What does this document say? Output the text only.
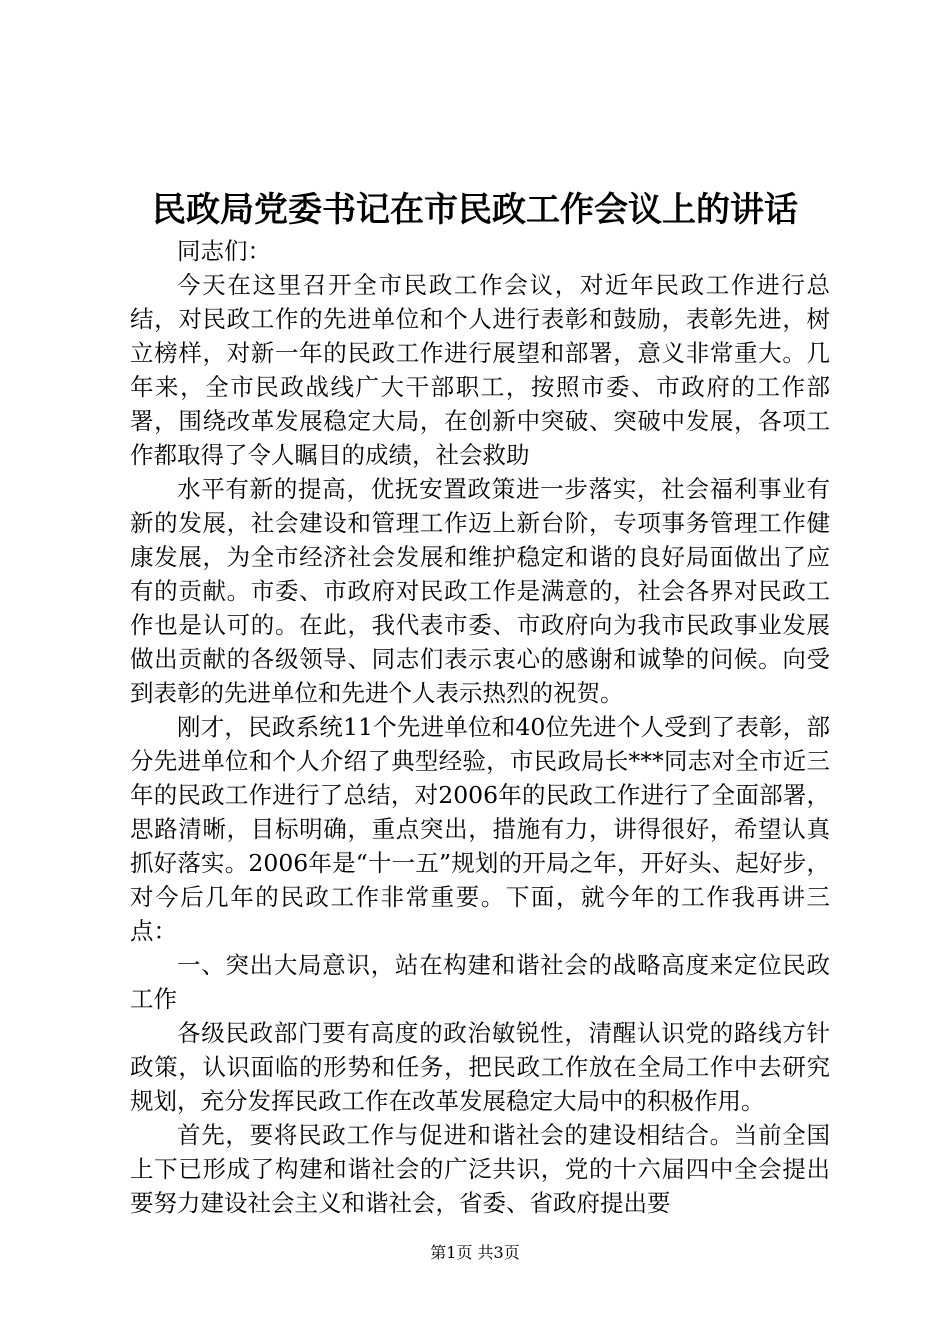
民政局党委书记在市民政工作会议上的讲话

同志们：

今天在这里召开全市民政工作会议，对近年民政工作进行总结，对民政工作的先进单位和个人进行表彰和鼓励，表彰先进，树立榜样，对新一年的民政工作进行展望和部署，意义非常重大。几年来，全市民政战线广大干部职工，按照市委、市政府的工作部署，围绕改革发展稳定大局，在创新中突破、突破中发展，各项工作都取得了令人瞩目的成绩，社会救助

水平有新的提高，优抚安置政策进一步落实，社会福利事业有新的发展，社会建设和管理工作迈上新台阶，专项事务管理工作健康发展，为全市经济社会发展和维护稳定和谐的良好局面做出了应有的贡献。市委、市政府对民政工作是满意的，社会各界对民政工作也是认可的。在此，我代表市委、市政府向为我市民政事业发展做出贡献的各级领导、同志们表示衷心的感谢和诚挚的问候。向受到表彰的先进单位和先进个人表示热烈的祝贺。

刚才，民政系统11个先进单位和40位先进个人受到了表彰，部分先进单位和个人介绍了典型经验，市民政局长***同志对全市近三年的民政工作进行了总结，对2006年的民政工作进行了全面部署，思路清晰，目标明确，重点突出，措施有力，讲得很好，希望认真抓好落实。2006年是“十一五”规划的开局之年，开好头、起好步，对今后几年的民政工作非常重要。下面，就今年的工作我再讲三点：

一、突出大局意识，站在构建和谐社会的战略高度来定位民政工作

各级民政部门要有高度的政治敏锐性，清醒认识党的路线方针政策，认识面临的形势和任务，把民政工作放在全局工作中去研究规划，充分发挥民政工作在改革发展稳定大局中的积极作用。

首先，要将民政工作与促进和谐社会的建设相结合。当前全国上下已形成了构建和谐社会的广泛共识，党的十六届四中全会提出要努力建设社会主义和谐社会，省委、省政府提出要

第1页 共3页
